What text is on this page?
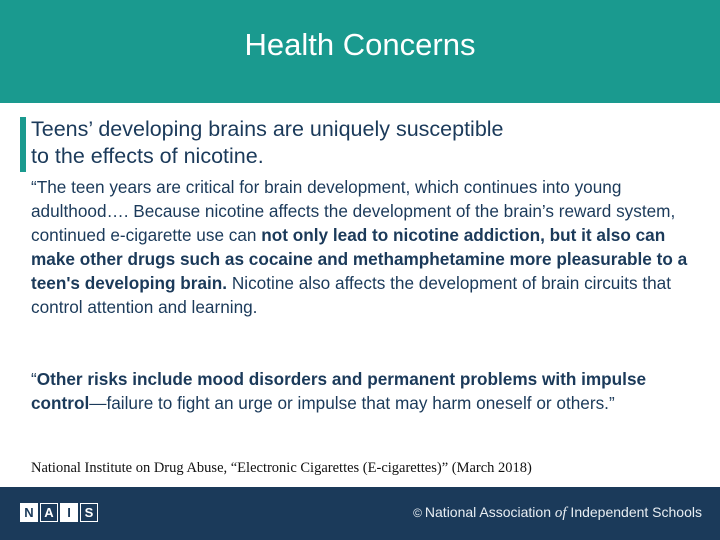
Health Concerns
Teens’ developing brains are uniquely susceptible
to the effects of nicotine.
“The teen years are critical for brain development, which continues into young adulthood…. Because nicotine affects the development of the brain’s reward system, continued e-cigarette use can not only lead to nicotine addiction, but it also can make other drugs such as cocaine and methamphetamine more pleasurable to a teen's developing brain. Nicotine also affects the development of brain circuits that control attention and learning.
“Other risks include mood disorders and permanent problems with impulse control—failure to fight an urge or impulse that may harm oneself or others.”
National Institute on Drug Abuse, “Electronic Cigarettes (E-cigarettes)” (March 2018)
N A	I	S	© National Association of Independent Schools
